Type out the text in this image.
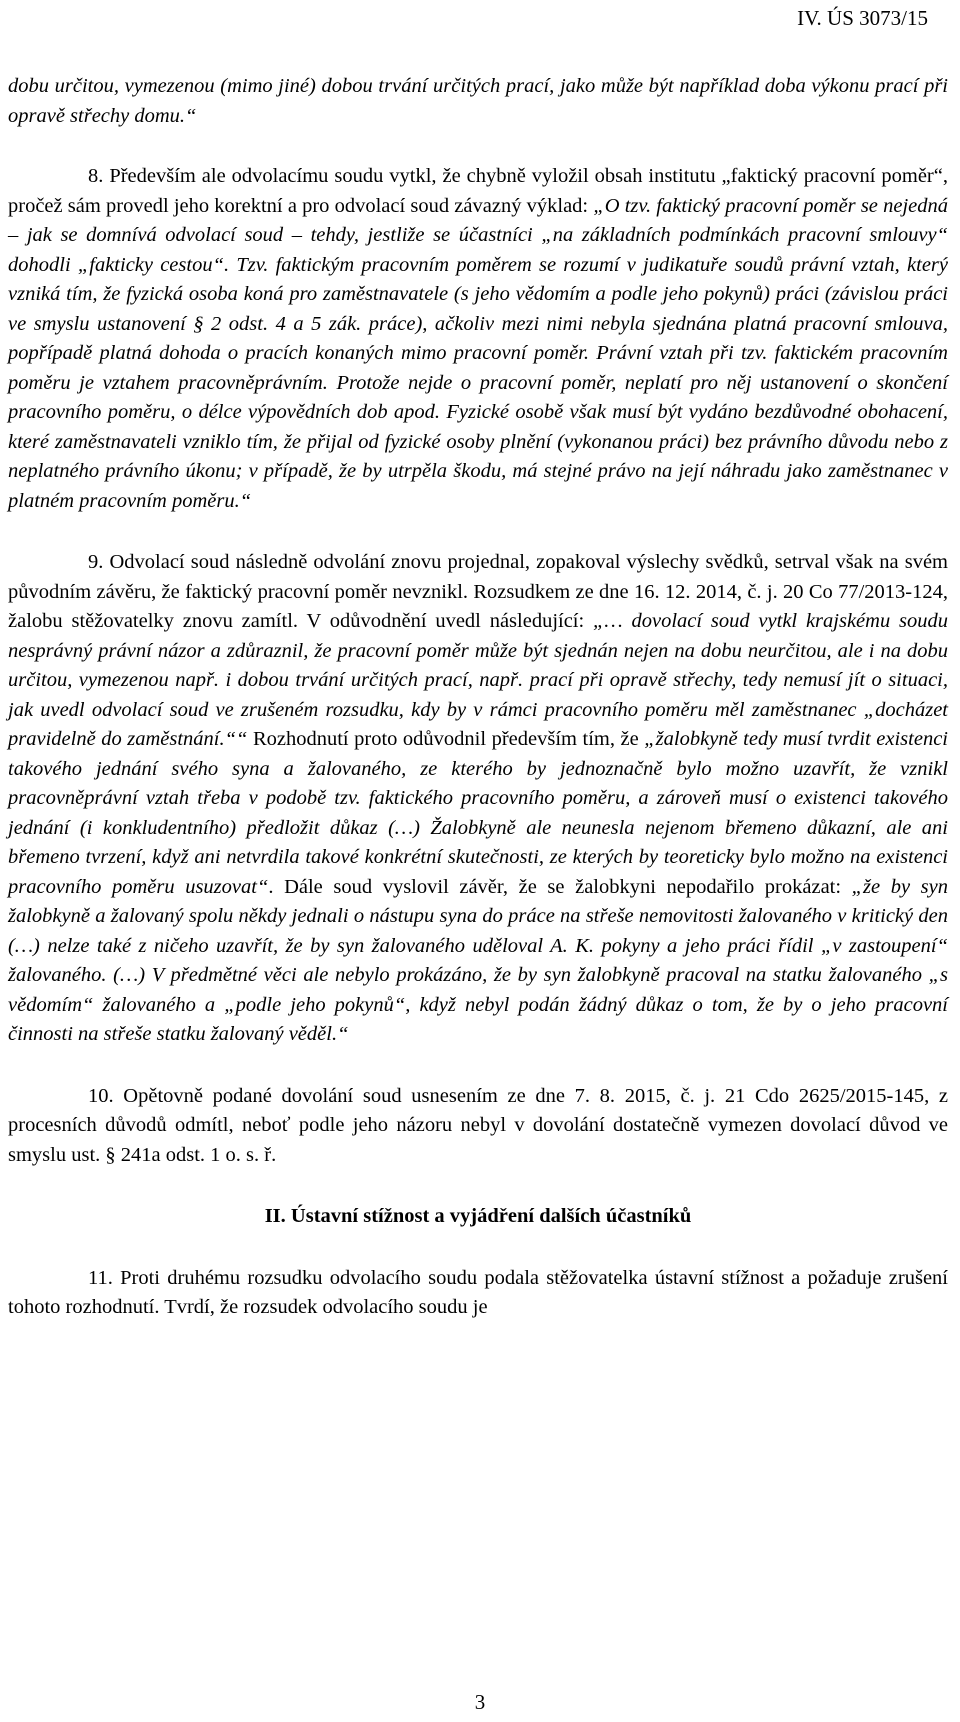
IV. ÚS 3073/15

dobu určitou, vymezenou (mimo jiné) dobou trvání určitých prací, jako může být například doba výkonu prací při opravě střechy domu.“

8. Především ale odvolacímu soudu vytkl, že chybně vyložil obsah institutu „faktický pracovní poměr“, pročež sám provedl jeho korektní a pro odvolací soud závazný výklad: „O tzv. faktický pracovní poměr se nejedná – jak se domnívá odvolací soud – tehdy, jestliže se účastníci „na základních podmínkách pracovní smlouvy“ dohodli „fakticky cestou“. Tzv. faktickým pracovním poměrem se rozumí v judikatuře soudů právní vztah, který vzniká tím, že fyzická osoba koná pro zaměstnavatele (s jeho vědomím a podle jeho pokynů) práci (závislou práci ve smyslu ustanovení § 2 odst. 4 a 5 zák. práce), ačkoliv mezi nimi nebyla sjednána platná pracovní smlouva, popřípadě platná dohoda o pracích konaných mimo pracovní poměr. Právní vztah při tzv. faktickém pracovním poměru je vztahem pracovněprávním. Protože nejde o pracovní poměr, neplatí pro něj ustanovení o skončení pracovního poměru, o délce výpovědních dob apod. Fyzické osobě však musí být vydáno bezdůvodné obohacení, které zaměstnavateli vzniklo tím, že přijal od fyzické osoby plnění (vykonanou práci) bez právního důvodu nebo z neplatného právního úkonu; v případě, že by utrpěla škodu, má stejné právo na její náhradu jako zaměstnanec v platném pracovním poměru.“

9. Odvolací soud následně odvolání znovu projednal, zopakoval výslechy svědků, setrval však na svém původním závěru, že faktický pracovní poměr nevznikl. Rozsudkem ze dne 16. 12. 2014, č. j. 20 Co 77/2013-124, žalobu stěžovatelky znovu zamítl. V odůvodnění uvedl následující: „… dovolací soud vytkl krajskému soudu nesprávný právní názor a zdůraznil, že pracovní poměr může být sjednán nejen na dobu neurčitou, ale i na dobu určitou, vymezenou např. i dobou trvání určitých prací, např. prací při opravě střechy, tedy nemusí jít o situaci, jak uvedl odvolací soud ve zrušeném rozsudku, kdy by v rámci pracovního poměru měl zaměstnanec „docházet pravidelně do zaměstnání.““ Rozhodnutí proto odůvodnil především tím, že „žalobkyně tedy musí tvrdit existenci takového jednání svého syna a žalovaného, ze kterého by jednoznačně bylo možno uzavřít, že vznikl pracovněprávní vztah třeba v podobě tzv. faktického pracovního poměru, a zároveň musí o existenci takového jednání (i konkludentního) předložit důkaz (…) Žalobkyně ale neunesla nejenom břemeno důkazní, ale ani břemeno tvrzení, když ani netvrdila takové konkrétní skutečnosti, ze kterých by teoreticky bylo možno na existenci pracovního poměru usuzovat“. Dále soud vyslovil závěr, že se žalobkyni nepodařilo prokázat: „že by syn žalobkyně a žalovaný spolu někdy jednali o nástupu syna do práce na střeše nemovitosti žalovaného v kritický den (…) nelze také z ničeho uzavřít, že by syn žalovaného uděloval A. K. pokyny a jeho práci řídil „v zastoupení“ žalovaného. (…) V předmětné věci ale nebylo prokázáno, že by syn žalobkyně pracoval na statku žalovaného „s vědomím“ žalovaného a „podle jeho pokynů“, když nebyl podán žádný důkaz o tom, že by o jeho pracovní činnosti na střeše statku žalovaný věděl.“

10. Opětovně podané dovolání soud usnesením ze dne 7. 8. 2015, č. j. 21 Cdo 2625/2015-145, z procesních důvodů odmítl, neboť podle jeho názoru nebyl v dovolání dostatečně vymezen dovolací důvod ve smyslu ust. § 241a odst. 1 o. s. ř.

II. Ústavní stížnost a vyjádření dalších účastníků

11. Proti druhému rozsudku odvolacího soudu podala stěžovatelka ústavní stížnost a požaduje zrušení tohoto rozhodnutí. Tvrdí, že rozsudek odvolacího soudu je

3
